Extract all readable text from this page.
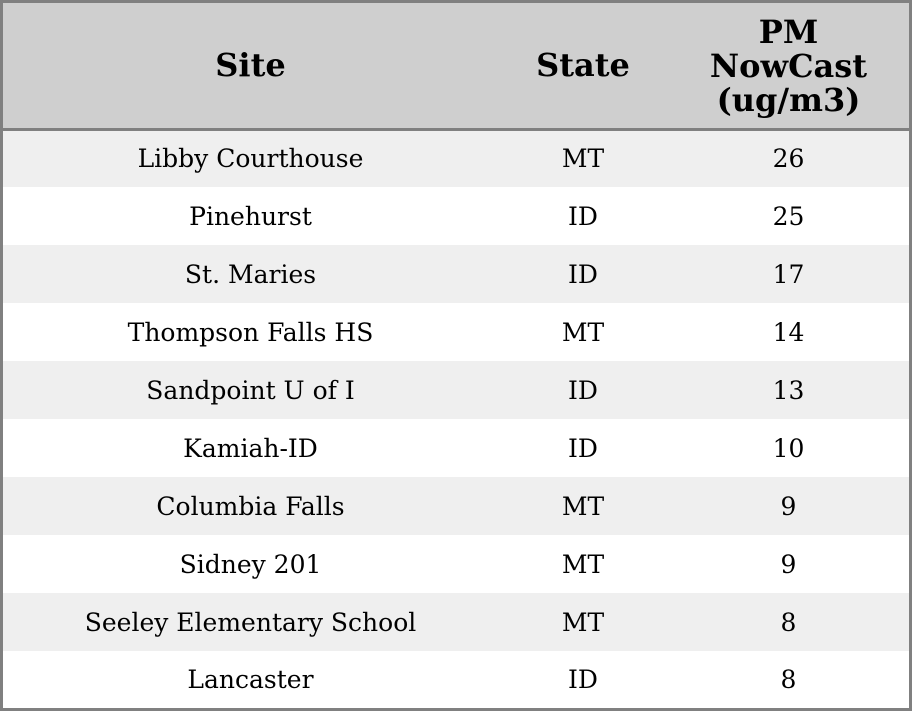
Site	State	PM
NowCast
(ug/m3)

Libby Courthouse	MT	26
Pinehurst	ID	25
St. Maries	ID	17
Thompson Falls HS	MT	14
Sandpoint U of I	ID	13
Kamiah-ID	ID	10
Columbia Falls	MT	9
Sidney 201	MT	9
Seeley Elementary School	MT	8
Lancaster	ID	8
